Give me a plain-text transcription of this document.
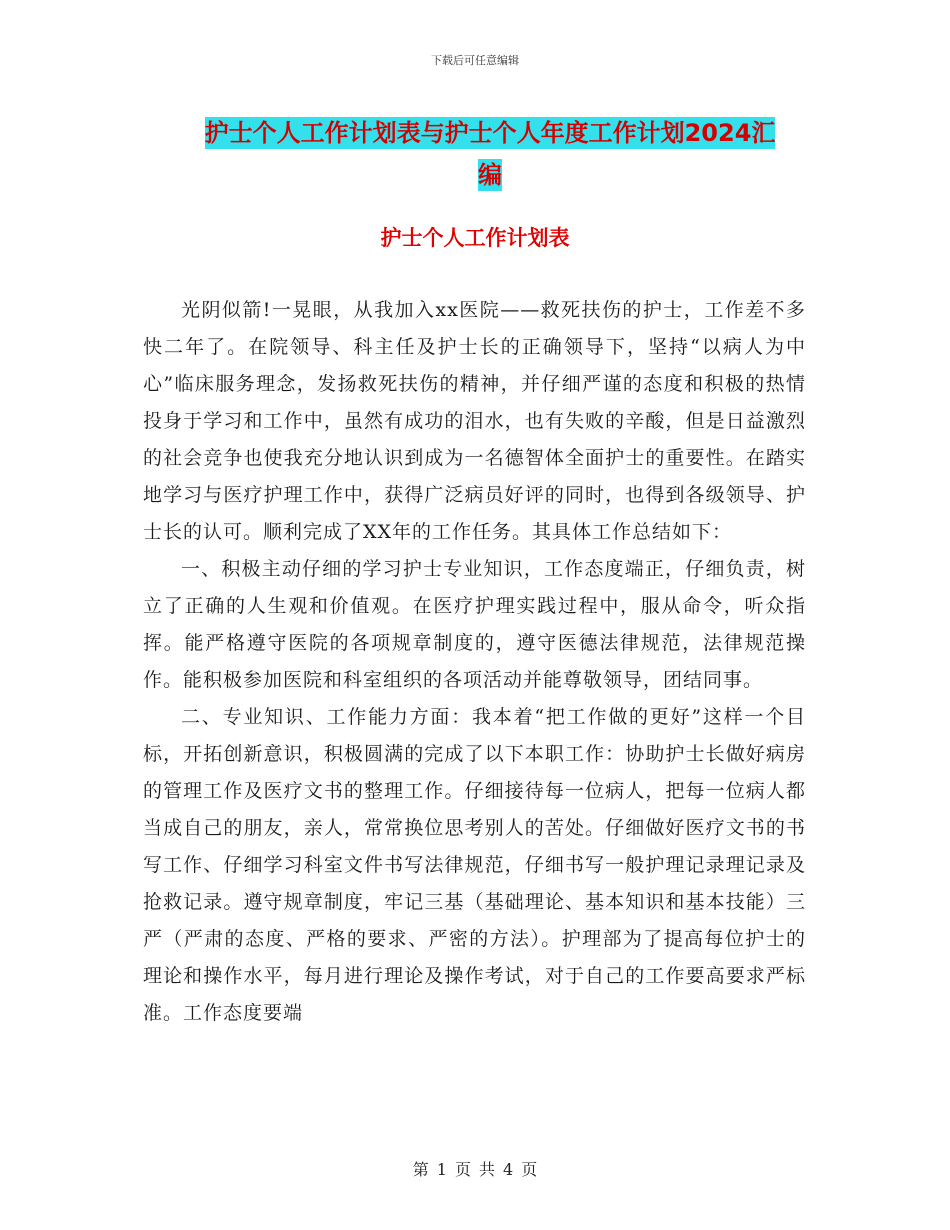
下载后可任意编辑
护士个人工作计划表与护士个人年度工作计划2024汇
编
护士个人工作计划表

光阴似箭!一晃眼，从我加入xx医院——救死扶伤的护士，工作差不多快二年了。在院领导、科主任及护士长的正确领导下，坚持“以病人为中心”临床服务理念，发扬救死扶伤的精神，并仔细严谨的态度和积极的热情投身于学习和工作中，虽然有成功的泪水，也有失败的辛酸，但是日益激烈的社会竞争也使我充分地认识到成为一名德智体全面护士的重要性。在踏实地学习与医疗护理工作中，获得广泛病员好评的同时，也得到各级领导、护士长的认可。顺利完成了XX年的工作任务。其具体工作总结如下：

一、积极主动仔细的学习护士专业知识，工作态度端正，仔细负责，树立了正确的人生观和价值观。在医疗护理实践过程中，服从命令，听众指挥。能严格遵守医院的各项规章制度的，遵守医德法律规范，法律规范操作。能积极参加医院和科室组织的各项活动并能尊敬领导，团结同事。

二、专业知识、工作能力方面：我本着“把工作做的更好”这样一个目标，开拓创新意识，积极圆满的完成了以下本职工作：协助护士长做好病房的管理工作及医疗文书的整理工作。仔细接待每一位病人，把每一位病人都当成自己的朋友，亲人，常常换位思考别人的苦处。仔细做好医疗文书的书写工作、仔细学习科室文件书写法律规范，仔细书写一般护理记录理记录及抢救记录。遵守规章制度，牢记三基（基础理论、基本知识和基本技能）三严（严肃的态度、严格的要求、严密的方法）。护理部为了提高每位护士的理论和操作水平，每月进行理论及操作考试，对于自己的工作要高要求严标准。工作态度要端

第 1 页 共 4 页
